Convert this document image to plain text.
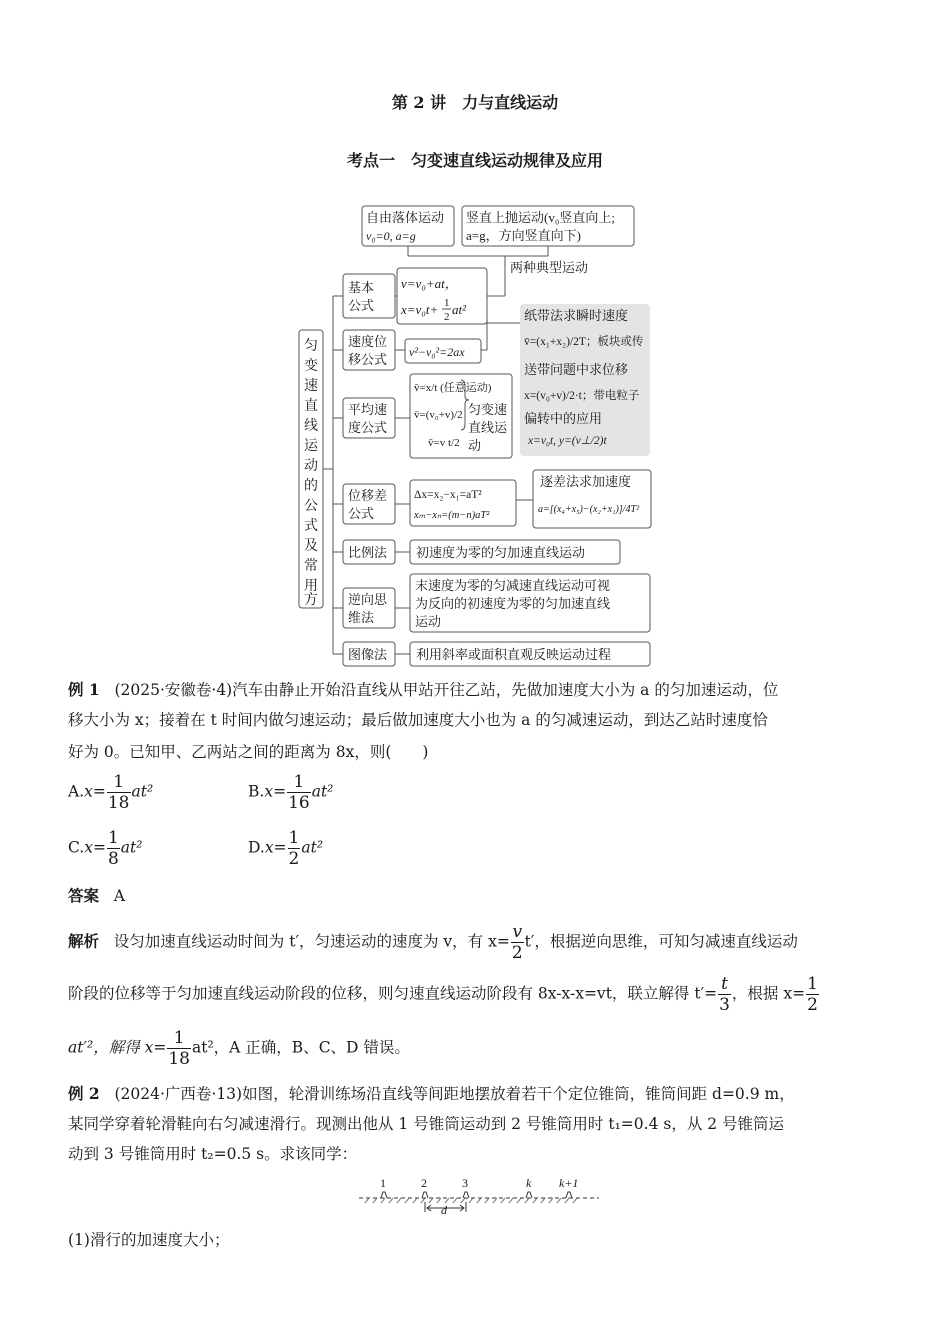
第 2 讲　力与直线运动
考点一　匀变速直线运动规律及应用
自由落体运动
v₀=0, a=g
竖直上抛运动(v₀竖直向上;
a=g，方向竖直向下)
两种典型运动
匀
变
速
直
线
运
动
的
公
式
及
常
用
方
基本
公式
v=v₀+at，
x=v₀t+ 1
2 at²
速度位
移公式 v²−v₀²=2ax
平均速
度公式
v̄=x/t (任意运动)
v̄=(v₀+v)/2
v̄=v t/2
匀变速
直线运
动
纸带法求瞬时速度
v̄=(x₁+x₂)/2T；板块或传
送带问题中求位移
x=(v₀+v)/2·t；带电粒子
偏转中的应用
x=v₀t, y=(v⊥/2)t
位移差
公式
Δx=x₂−x₁=aT²
xₘ−xₙ=(m−n)aT²
逐差法求加速度
a=[(x₄+x₅)−(x₂+x₁)]/4T²
比例法 初速度为零的匀加速直线运动
逆向思
维法
末速度为零的匀减速直线运动可视
为反向的初速度为零的匀加速直线
运动
图像法 利用斜率或面积直观反映运动过程
例 1 (2025·安徽卷·4)汽车由静止开始沿直线从甲站开往乙站，先做加速度大小为 a 的匀加速运动，位
移大小为 x；接着在 t 时间内做匀速运动；最后做加速度大小也为 a 的匀减速运动，到达乙站时速度恰
好为 0。已知甲、乙两站之间的距离为 8x，则(　　)
$A.x= \frac{1}{18} at^2$	$B.x= \frac{1}{16} at^2$
$C.x= \frac{1}{8} at^2$	$D.x= \frac{1}{2} at^2$
答案 A
解析 设匀加速直线运动时间为 t′，匀速运动的速度为 v，有 $x= \frac{v}{2} t'$，根据逆向思维，可知匀减速直线运动
阶段的位移等于匀加速直线运动阶段的位移，则匀速直线运动阶段有 8x-x-x=vt，联立解得 $t'= \frac{t}{3}$ ，根据 $x= \frac{1}{2}$
at′²，解得 $x= \frac{1}{18} at^2$，A 正确，B、C、D 错误。
例 2 (2024·广西卷·13)如图，轮滑训练场沿直线等间距地摆放着若干个定位锥筒，锥筒间距 d=0.9 m，
某同学穿着轮滑鞋向右匀减速滑行。现测出他从 1 号锥筒运动到 2 号锥筒用时 t₁=0.4 s，从 2 号锥筒运
动到 3 号锥筒用时 t₂=0.5 s。求该同学：
1	2	3	k k+1
d
(1)滑行的加速度大小；
